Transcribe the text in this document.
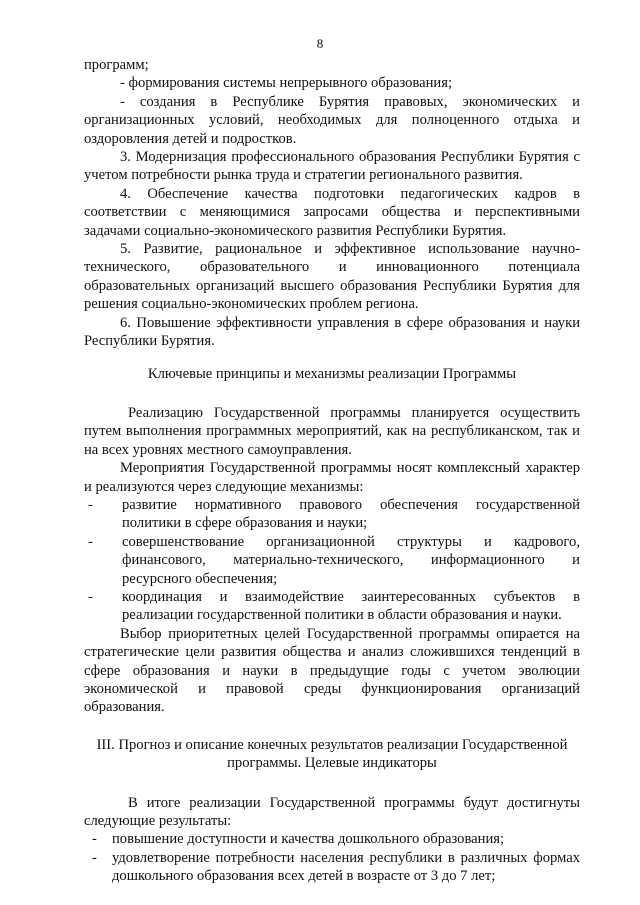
8

программ;

- формирования системы непрерывного образования;

- создания в Республике Бурятия правовых, экономических и организационных условий, необходимых для полноценного отдыха и оздоровления детей и подростков.

3. Модернизация профессионального образования Республики Бурятия с учетом потребности рынка труда и стратегии регионального развития.

4. Обеспечение качества подготовки педагогических кадров в соответствии с меняющимися запросами общества и перспективными задачами социально-экономического развития Республики Бурятия.

5. Развитие, рациональное и эффективное использование научно-технического, образовательного и инновационного потенциала образовательных организаций высшего образования Республики Бурятия для решения социально-экономических проблем региона.

6. Повышение эффективности управления в сфере образования и науки Республики Бурятия.

Ключевые принципы и механизмы реализации Программы

Реализацию Государственной программы планируется осуществить путем выполнения программных мероприятий, как на республиканском, так и на всех уровнях местного самоуправления.

Мероприятия Государственной программы носят комплексный характер и реализуются через следующие механизмы:

-	развитие нормативного правового обеспечения государственной политики в сфере образования и науки;
-	совершенствование организационной структуры и кадрового, финансового, материально-технического, информационного и ресурсного обеспечения;
-	координация и взаимодействие заинтересованных субъектов в реализации государственной политики в области образования и науки.

Выбор приоритетных целей Государственной программы опирается на стратегические цели развития общества и анализ сложившихся тенденций в сфере образования и науки в предыдущие годы с учетом эволюции экономической и правовой среды функционирования организаций образования.

III. Прогноз и описание конечных результатов реализации Государственной
программы. Целевые индикаторы

В итоге реализации Государственной программы будут достигнуты следующие результаты:

-	повышение доступности и качества дошкольного образования;
-	удовлетворение потребности населения республики в различных формах дошкольного образования всех детей в возрасте от 3 до 7 лет;
